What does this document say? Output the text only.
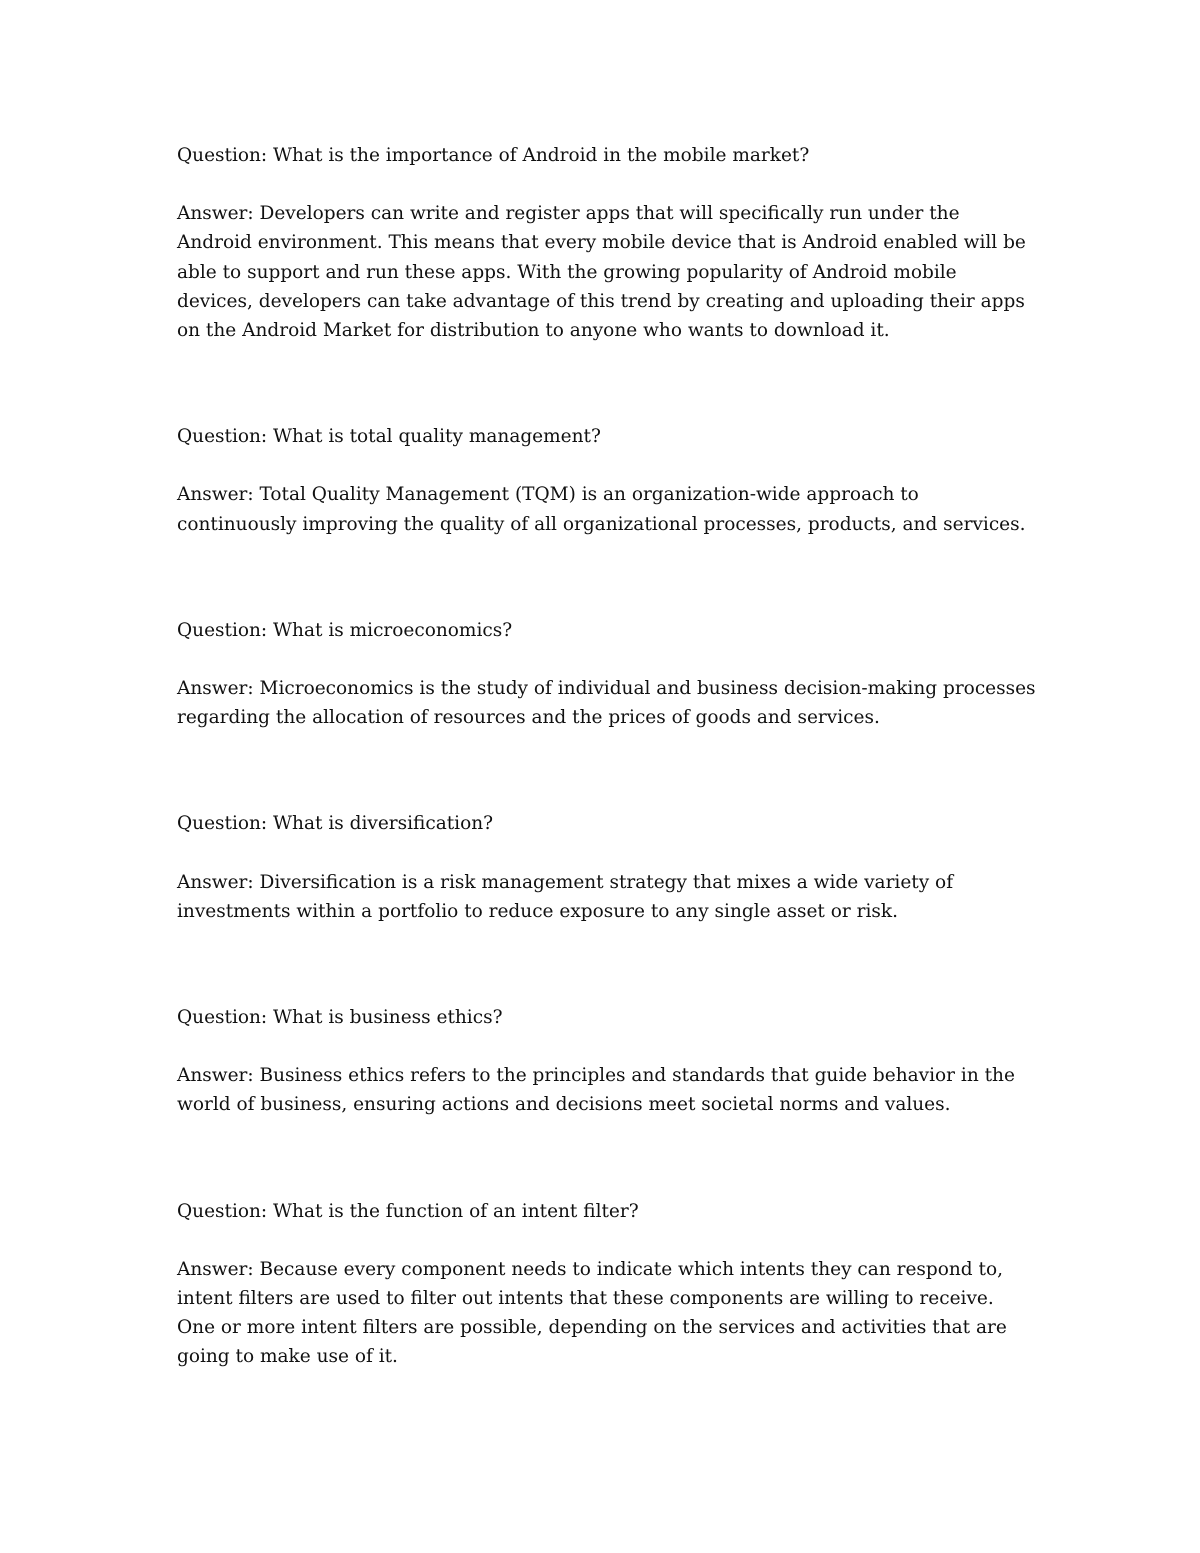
Question: What is the importance of Android in the mobile market?

Answer: Developers can write and register apps that will specifically run under the Android environment. This means that every mobile device that is Android enabled will be able to support and run these apps. With the growing popularity of Android mobile devices, developers can take advantage of this trend by creating and uploading their apps on the Android Market for distribution to anyone who wants to download it.

Question: What is total quality management?

Answer: Total Quality Management (TQM) is an organization-wide approach to continuously improving the quality of all organizational processes, products, and services.

Question: What is microeconomics?

Answer: Microeconomics is the study of individual and business decision-making processes regarding the allocation of resources and the prices of goods and services.

Question: What is diversification?

Answer: Diversification is a risk management strategy that mixes a wide variety of investments within a portfolio to reduce exposure to any single asset or risk.

Question: What is business ethics?

Answer: Business ethics refers to the principles and standards that guide behavior in the world of business, ensuring actions and decisions meet societal norms and values.

Question: What is the function of an intent filter?

Answer: Because every component needs to indicate which intents they can respond to, intent filters are used to filter out intents that these components are willing to receive. One or more intent filters are possible, depending on the services and activities that are going to make use of it.
